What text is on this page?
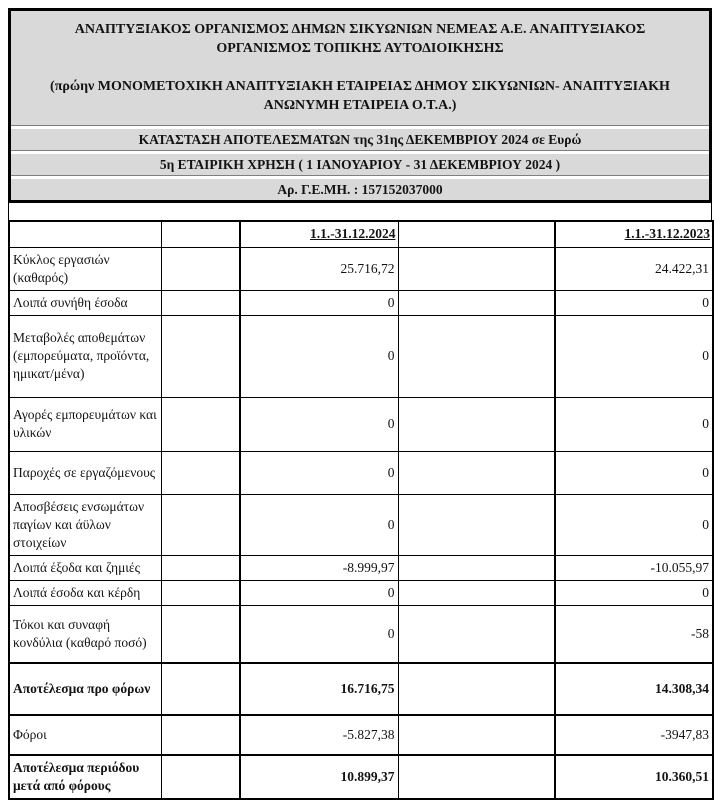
ΑΝΑΠΤΥΞΙΑΚΟΣ ΟΡΓΑΝΙΣΜΟΣ ΔΗΜΩΝ ΣΙΚΥΩΝΙΩΝ ΝΕΜΕΑΣ Α.Ε. ΑΝΑΠΤΥΞΙΑΚΟΣ ΟΡΓΑΝΙΣΜΟΣ ΤΟΠΙΚΗΣ ΑΥΤΟΔΙΟΙΚΗΣΗΣ
(πρώην ΜΟΝΟΜΕΤΟΧΙΚΗ ΑΝΑΠΤΥΞΙΑΚΗ ΕΤΑΙΡΕΙΑΣ ΔΗΜΟΥ ΣΙΚΥΩΝΙΩΝ- ΑΝΑΠΤΥΞΙΑΚΗ ΑΝΩΝΥΜΗ ΕΤΑΙΡΕΙΑ Ο.Τ.Α.)
ΚΑΤΑΣΤΑΣΗ ΑΠΟΤΕΛΕΣΜΑΤΩΝ της 31ης ΔΕΚΕΜΒΡΙΟΥ 2024 σε Ευρώ
5η ΕΤΑΙΡΙΚΗ ΧΡΗΣΗ ( 1 ΙΑΝΟΥΑΡΙΟΥ - 31 ΔΕΚΕΜΒΡΙΟΥ 2024 )
Αρ. Γ.Ε.ΜΗ. : 157152037000
		1.1.-31.12.2024		1.1.-31.12.2023
Κύκλος εργασιών (καθαρός)		25.716,72		24.422,31
Λοιπά συνήθη έσοδα		0		0
Μεταβολές αποθεμάτων (εμπορεύματα, προϊόντα, ημικατ/μένα)		0		0
Αγορές εμπορευμάτων και υλικών		0		0
Παροχές σε εργαζόμενους		0		0
Αποσβέσεις ενσωμάτων παγίων και άϋλων στοιχείων		0		0
Λοιπά έξοδα και ζημιές		-8.999,97		-10.055,97
Λοιπά έσοδα και κέρδη		0		0
Τόκοι και συναφή κονδύλια (καθαρό ποσό)		0		-58
Αποτέλεσμα προ φόρων		16.716,75		14.308,34
Φόροι		-5.827,38		-3947,83
Αποτέλεσμα περιόδου μετά από φόρους		10.899,37		10.360,51
